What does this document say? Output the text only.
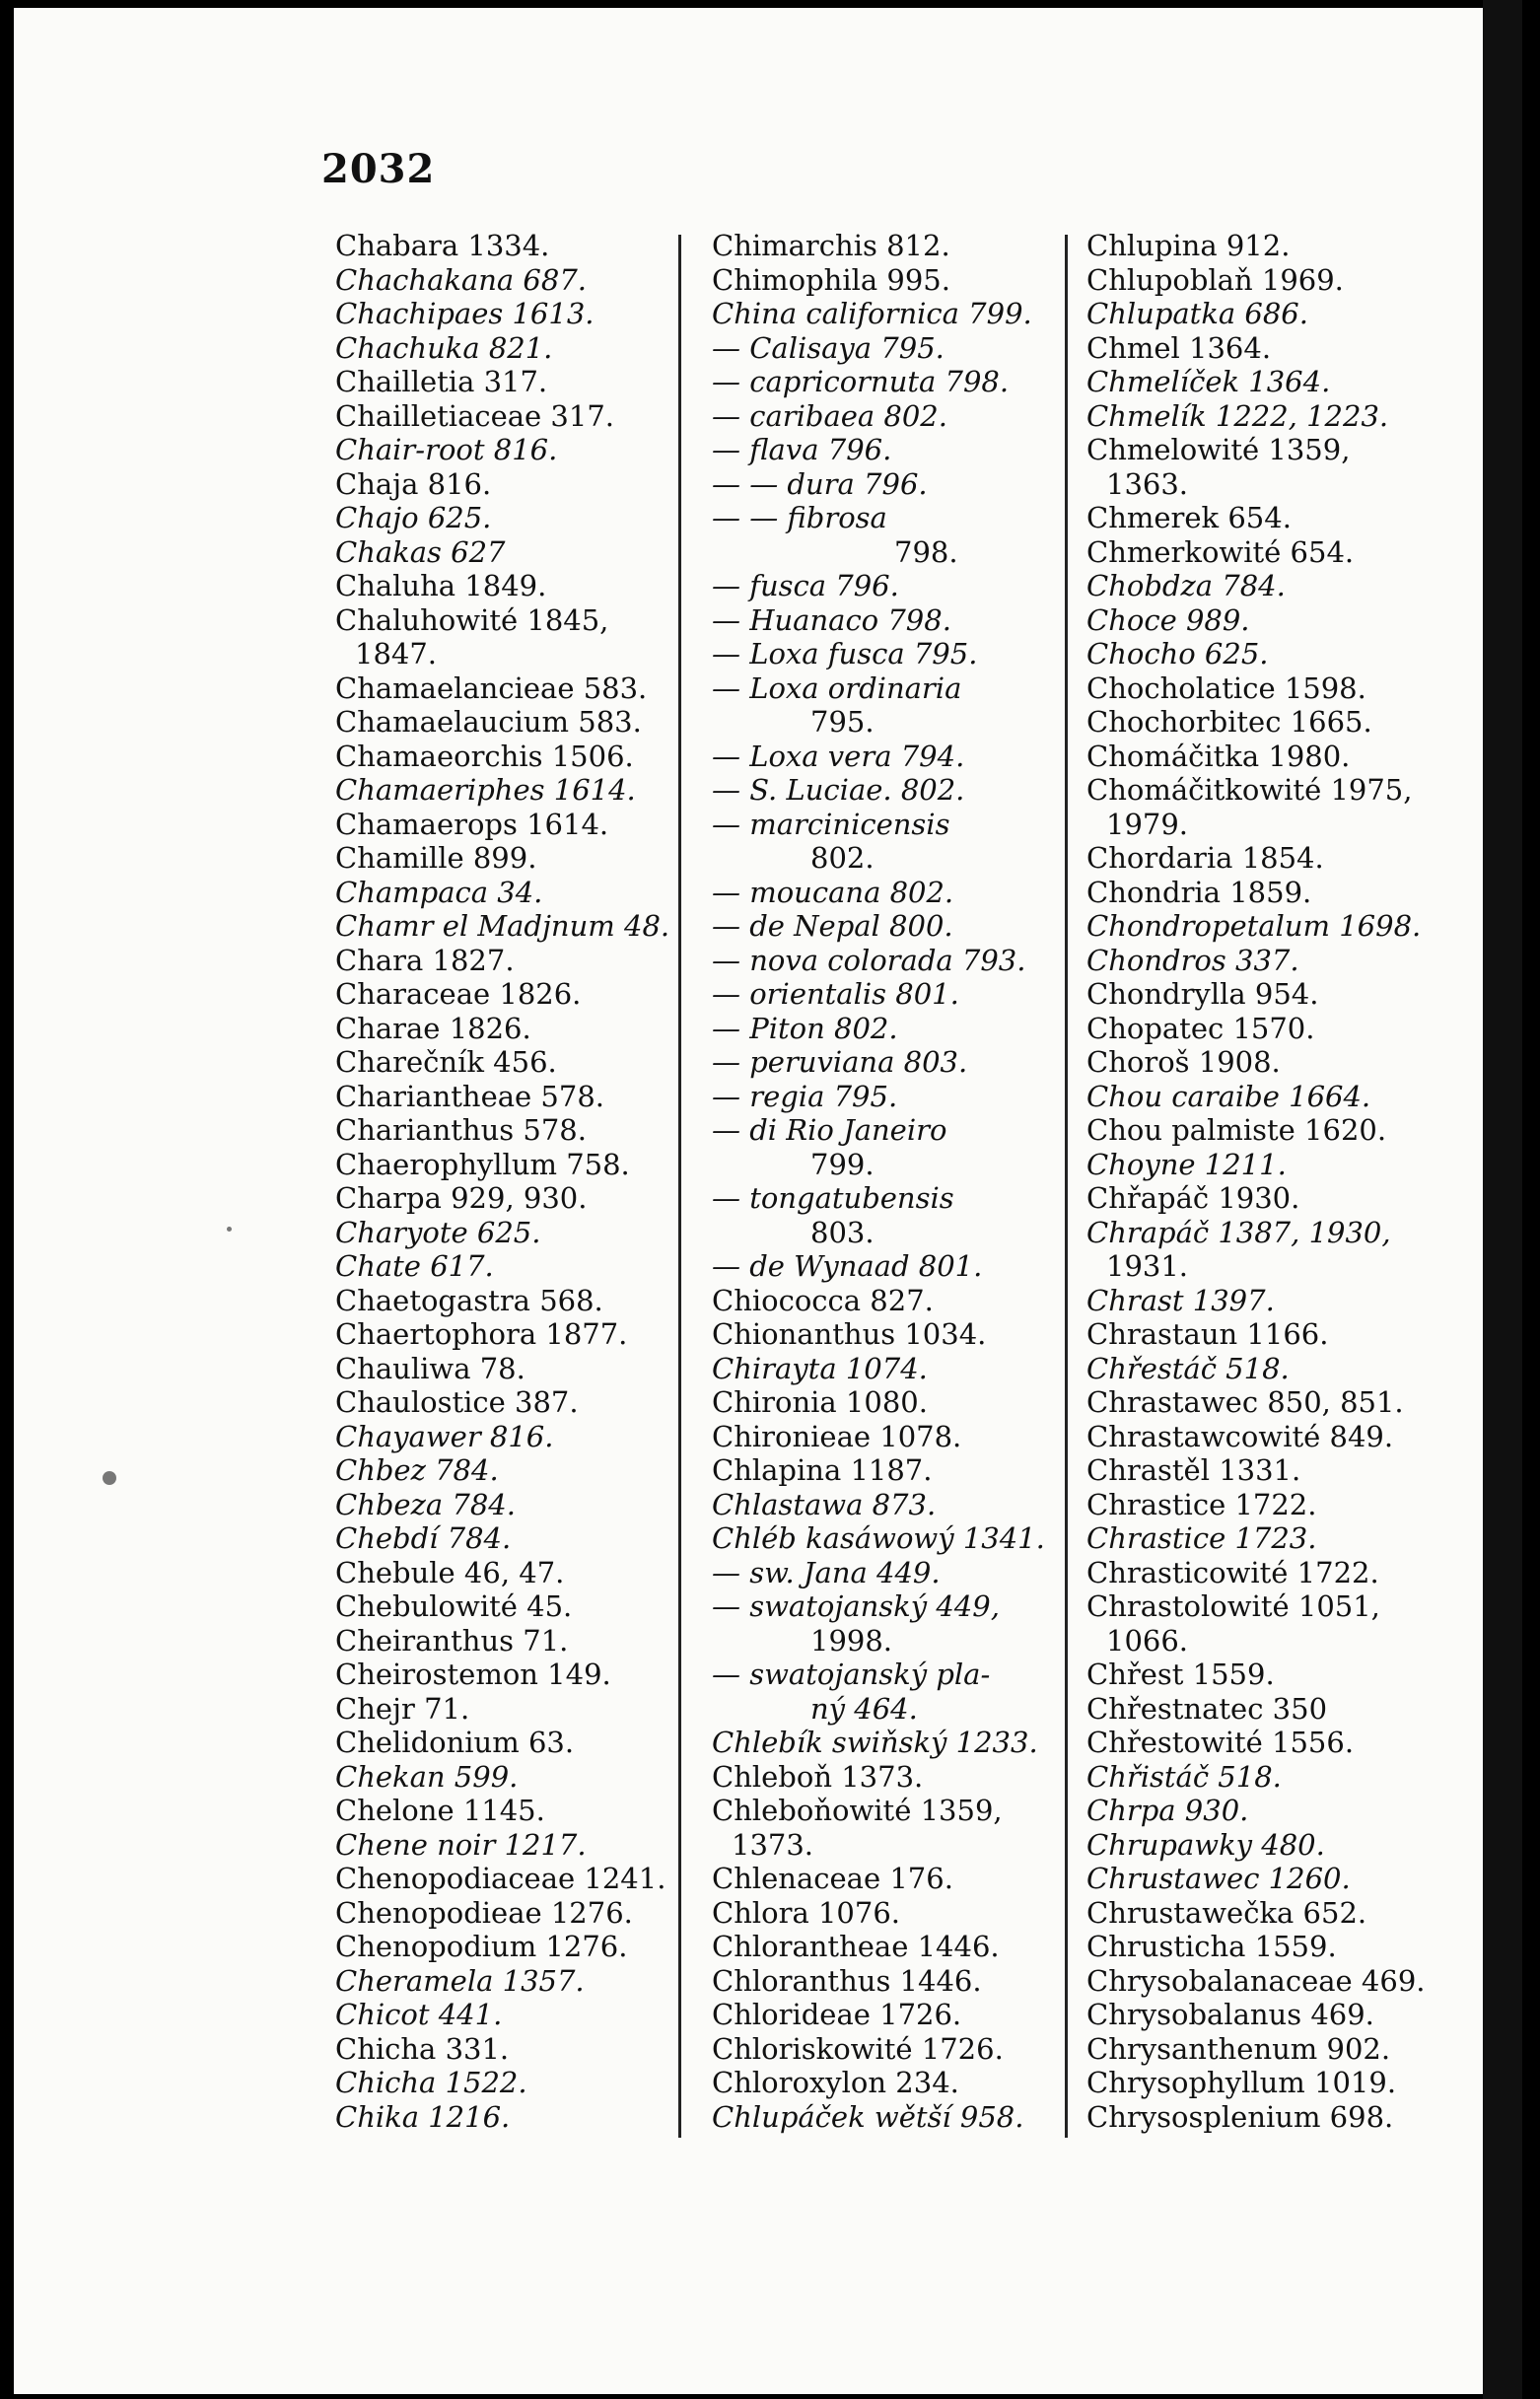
2032
Chabara 1334.
Chachakana 687.
Chachipaes 1613.
Chachuka 821.
Chailletia 317.
Chailletiaceae 317.
Chair-root 816.
Chaja 816.
Chajo 625.
Chakas 627
Chaluha 1849.
Chaluhowité 1845,
1847.
Chamaelancieae 583.
Chamaelaucium 583.
Chamaeorchis 1506.
Chamaeriphes 1614.
Chamaerops 1614.
Chamille 899.
Champaca 34.
Chamr el Madjnum 48.
Chara 1827.
Characeae 1826.
Charae 1826.
Charečník 456.
Chariantheae 578.
Charianthus 578.
Chaerophyllum 758.
Charpa 929, 930.
Charyote 625.
Chate 617.
Chaetogastra 568.
Chaertophora 1877.
Chauliwa 78.
Chaulostice 387.
Chayawer 816.
Chbez 784.
Chbeza 784.
Chebdí 784.
Chebule 46, 47.
Chebulowité 45.
Cheiranthus 71.
Cheirostemon 149.
Chejr 71.
Chelidonium 63.
Chekan 599.
Chelone 1145.
Chene noir 1217.
Chenopodiaceae 1241.
Chenopodieae 1276.
Chenopodium 1276.
Cheramela 1357.
Chicot 441.
Chicha 331.
Chicha 1522.
Chika 1216.
Chimarchis 812.
Chimophila 995.
China californica 799.
— Calisaya 795.
— capricornuta 798.
— caribaea 802.
— flava 796.
— — dura 796.
— — fibrosa
798.
— fusca 796.
— Huanaco 798.
— Loxa fusca 795.
— Loxa ordinaria
795.
— Loxa vera 794.
— S. Luciae. 802.
— marcinicensis
802.
— moucana 802.
— de Nepal 800.
— nova colorada 793.
— orientalis 801.
— Piton 802.
— peruviana 803.
— regia 795.
— di Rio Janeiro
799.
— tongatubensis
803.
— de Wynaad 801.
Chiococca 827.
Chionanthus 1034.
Chirayta 1074.
Chironia 1080.
Chironieae 1078.
Chlapina 1187.
Chlastawa 873.
Chléb kasáwowý 1341.
— sw. Jana 449.
— swatojanský 449,
1998.
— swatojanský pla-
ný 464.
Chlebík swiňský 1233.
Chleboň 1373.
Chleboňowité 1359,
1373.
Chlenaceae 176.
Chlora 1076.
Chlorantheae 1446.
Chloranthus 1446.
Chlorideae 1726.
Chloriskowité 1726.
Chloroxylon 234.
Chlupáček wětší 958.
Chlupina 912.
Chlupoblaň 1969.
Chlupatka 686.
Chmel 1364.
Chmelíček 1364.
Chmelík 1222, 1223.
Chmelowité 1359,
1363.
Chmerek 654.
Chmerkowité 654.
Chobdza 784.
Choce 989.
Chocho 625.
Chocholatice 1598.
Chochorbitec 1665.
Chomáčitka 1980.
Chomáčitkowité 1975,
1979.
Chordaria 1854.
Chondria 1859.
Chondropetalum 1698.
Chondros 337.
Chondrylla 954.
Chopatec 1570.
Choroš 1908.
Chou caraibe 1664.
Chou palmiste 1620.
Choyne 1211.
Chřapáč 1930.
Chrapáč 1387, 1930,
1931.
Chrast 1397.
Chrastaun 1166.
Chřestáč 518.
Chrastawec 850, 851.
Chrastawcowité 849.
Chrastěl 1331.
Chrastice 1722.
Chrastice 1723.
Chrasticowité 1722.
Chrastolowité 1051,
1066.
Chřest 1559.
Chřestnatec 350
Chřestowité 1556.
Chřistáč 518.
Chrpa 930.
Chrupawky 480.
Chrustawec 1260.
Chrustawečka 652.
Chrusticha 1559.
Chrysobalanaceae 469.
Chrysobalanus 469.
Chrysanthenum 902.
Chrysophyllum 1019.
Chrysosplenium 698.
